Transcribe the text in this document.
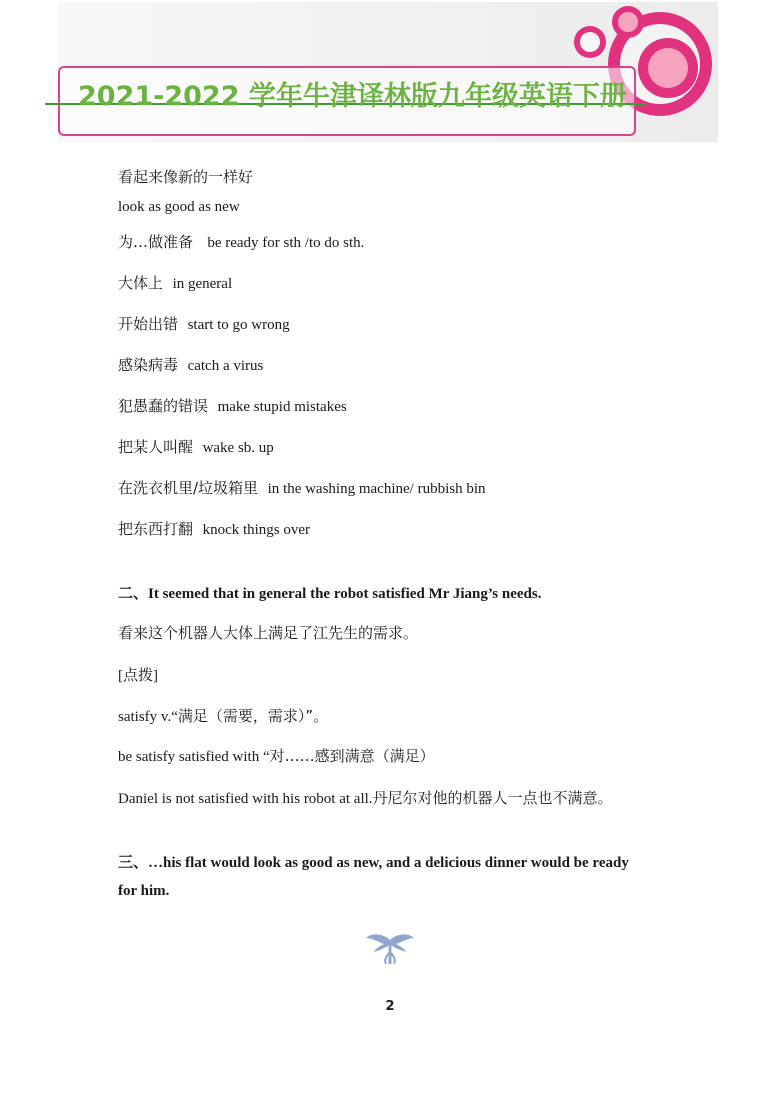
2021-2022 学年牛津译林版九年级英语下册
看起来像新的一样好
look as good as new
为…做准备 be ready for sth /to do sth.
大体上 in general
开始出错 start to go wrong
感染病毒 catch a virus
犯愚蠢的错误 make stupid mistakes
把某人叫醒 wake sb. up
在洗衣机里/垃圾箱里 in the washing machine/ rubbish bin
把东西打翻 knock things over
二、It seemed that in general the robot satisfied Mr Jiang’s needs.
看来这个机器人大体上满足了江先生的需求。
[点拨]
satisfy v.“满足（需要，需求）”。
be satisfy satisfied with “对……感到满意（满足）
Daniel is not satisfied with his robot at all.丹尼尔对他的机器人一点也不满意。
三、…his flat would look as good as new, and a delicious dinner would be ready
for him.
2
